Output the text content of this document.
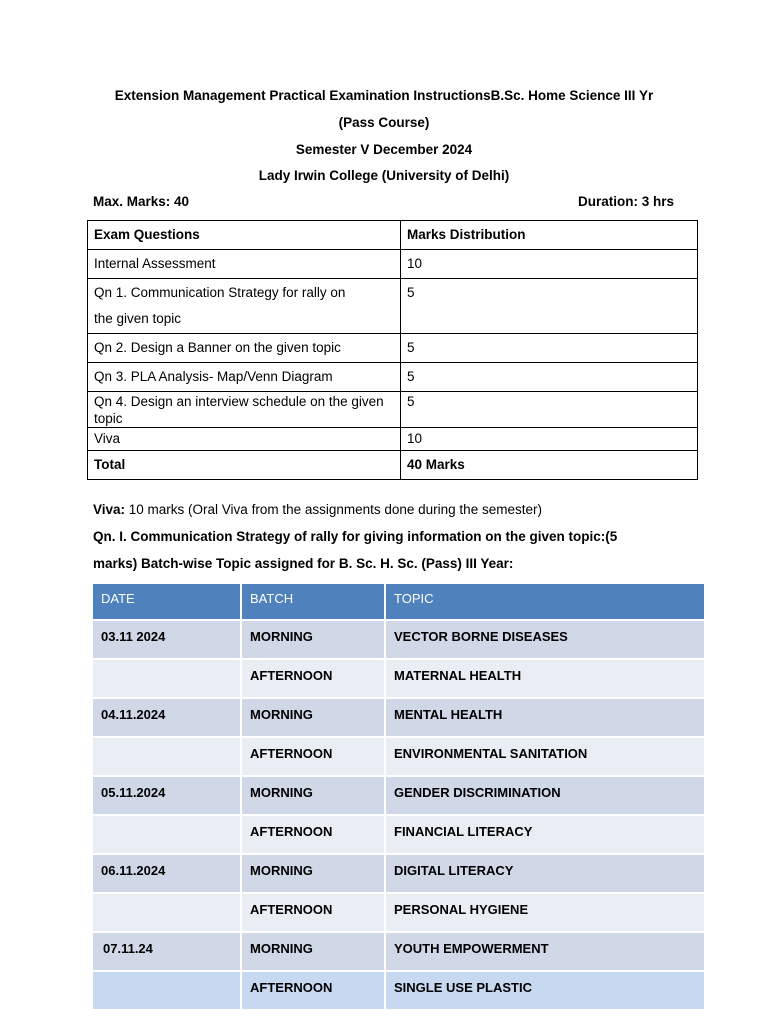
Extension Management Practical Examination InstructionsB.Sc. Home Science III Yr
(Pass Course)
Semester V December 2024
Lady Irwin College (University of Delhi)
Max. Marks: 40	Duration: 3 hrs
Exam Questions	Marks Distribution
Internal Assessment	10

Qn 1. Communication Strategy for rally on
the given topic	5
Qn 2. Design a Banner on the given topic	5
Qn 3. PLA Analysis- Map/Venn Diagram	5

Qn 4. Design an interview schedule on the given
topic	5
Viva	10
Total	40 Marks
Viva: 10 marks (Oral Viva from the assignments done during the semester)
Qn. I. Communication Strategy of rally for giving information on the given topic:(5
marks) Batch-wise Topic assigned for B. Sc. H. Sc. (Pass) III Year:
DATE	BATCH	TOPIC
03.11 2024	MORNING	VECTOR BORNE DISEASES
	AFTERNOON	MATERNAL HEALTH
04.11.2024	MORNING	MENTAL HEALTH
	AFTERNOON	ENVIRONMENTAL SANITATION
05.11.2024	MORNING	GENDER DISCRIMINATION
	AFTERNOON	FINANCIAL LITERACY
06.11.2024	MORNING	DIGITAL LITERACY
	AFTERNOON	PERSONAL HYGIENE
07.11.24	MORNING	YOUTH EMPOWERMENT
	AFTERNOON	SINGLE USE PLASTIC
